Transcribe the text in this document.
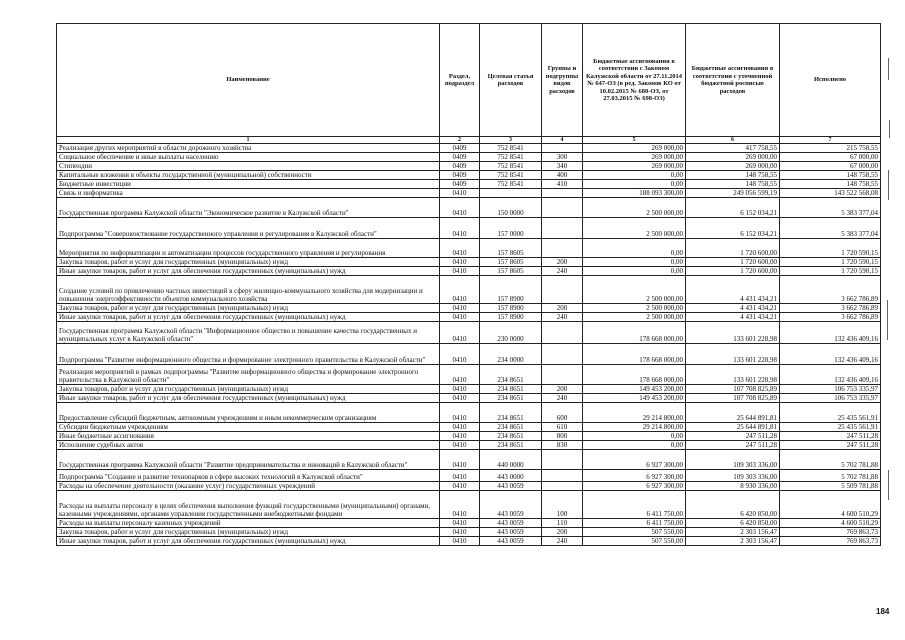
Наименование	Раздел, подраздел	Целевая статья расходов	Группы и подгруппы видов расходов	Бюджетные ассигнования в соответствии с Законом Калужской области от 27.11.2014 № 647-ОЗ (в ред. Законов КО от 10.02.2015 № 680-ОЗ, от 27.03.2015 № 698-ОЗ)	Бюджетные ассигнования в соответствии с уточненной бюджетной росписью расходов	Исполнено
1	2	3	4	5	6	7
Реализация других мероприятий в области дорожного хозяйства	0409	752 8541		269 000,00	417 758,55	215 758,55
Социальное обеспечение и иные выплаты населению	0409	752 8541	300	269 000,00	269 000,00	67 000,00
Стипендии	0409	752 8541	340	269 000,00	269 000,00	67 000,00
Капитальные вложения в объекты государственной (муниципальной) собственности	0409	752 8541	400	0,00	148 758,55	148 758,55
Бюджетные инвестиции	0409	752 8541	410	0,00	148 758,55	148 758,55
Связь и информатика	0410			188 093 300,00	249 056 599,19	143 522 568,08
Государственная программа Калужской области "Экономическое развитие в Калужской области"	0410	150 0000		2 500 000,00	6 152 034,21	5 383 377,04
Подпрограмма "Совершенствование государственного управления и регулирования в Калужской области"	0410	157 0000		2 500 000,00	6 152 034,21	5 383 377,04
Мероприятия по информатизации и автоматизации процессов государственного управления и регулирования	0410	157 8605		0,00	1 720 600,00	1 720 590,15
Закупка товаров, работ и услуг для государственных (муниципальных) нужд	0410	157 8605	200	0,00	1 720 600,00	1 720 590,15
Иные закупки товаров, работ и услуг для обеспечения государственных (муниципальных) нужд	0410	157 8605	240	0,00	1 720 600,00	1 720 590,15
Создание условий по привлечению частных инвестиций в сферу жилищно-коммунального хозяйства для модернизации и повышения энергоэффективности объектов коммунального хозяйства	0410	157 8900		2 500 000,00	4 431 434,21	3 662 786,89
Закупка товаров, работ и услуг для государственных (муниципальных) нужд	0410	157 8900	200	2 500 000,00	4 431 434,21	3 662 786,89
Иные закупки товаров, работ и услуг для обеспечения государственных (муниципальных) нужд	0410	157 8900	240	2 500 000,00	4 431 434,21	3 662 786,89
Государственная программа Калужской области "Информационное общество и повышение качества государственных и муниципальных услуг в Калужской области"	0410	230 0000		178 668 000,00	133 601 228,98	132 436 409,16
Подпрограмма "Развитие информационного общества и формирование электронного правительства в Калужской области"	0410	234 0000		178 668 000,00	133 601 228,98	132 436 409,16
Реализация мероприятий в рамках подпрограммы "Развитие информационного общества и формирование электронного правительства в Калужской области"	0410	234 8651		178 668 000,00	133 601 228,98	132 436 409,16
Закупка товаров, работ и услуг для государственных (муниципальных) нужд	0410	234 8651	200	149 453 200,00	107 708 825,89	106 753 335,97
Иные закупки товаров, работ и услуг для обеспечения государственных (муниципальных) нужд	0410	234 8651	240	149 453 200,00	107 708 825,89	106 753 335,97
Предоставление субсидий бюджетным, автономным учреждениям и иным некоммерческим организациям	0410	234 8651	600	29 214 800,00	25 644 891,81	25 435 561,91
Субсидии бюджетным учреждениям	0410	234 8651	610	29 214 800,00	25 644 891,81	25 435 561,91
Иные бюджетные ассигнования	0410	234 8651	800	0,00	247 511,28	247 511,28
Исполнение судебных актов	0410	234 8651	830	0,00	247 511,28	247 511,28
Государственная программа Калужской области "Развитие предпринимательства и инноваций в Калужской области"	0410	440 0000		6 927 300,00	109 303 336,00	5 702 781,88
Подпрограмма "Создание и развитие технопарков в сфере высоких технологий в Калужской области"	0410	443 0000		6 927 300,00	109 303 336,00	5 702 781,88
Расходы на обеспечение деятельности (оказание услуг) государственных учреждений	0410	443 0059		6 927 300,00	8 930 336,00	5 509 781,88
Расходы на выплаты персоналу в целях обеспечения выполнения функций государственными (муниципальными) органами, казенными учреждениями, органами управления государственными внебюджетными фондами	0410	443 0059	100	6 411 750,00	6 420 850,00	4 600 510,29
Расходы на выплаты персоналу казенных учреждений	0410	443 0059	110	6 411 750,00	6 420 850,00	4 600 510,29
Закупка товаров, работ и услуг для государственных (муниципальных) нужд	0410	443 0059	200	507 550,00	2 303 156,47	769 863,73
Иные закупки товаров, работ и услуг для обеспечения государственных (муниципальных) нужд	0410	443 0059	240	507 550,00	2 303 156,47	769 863,73
184
